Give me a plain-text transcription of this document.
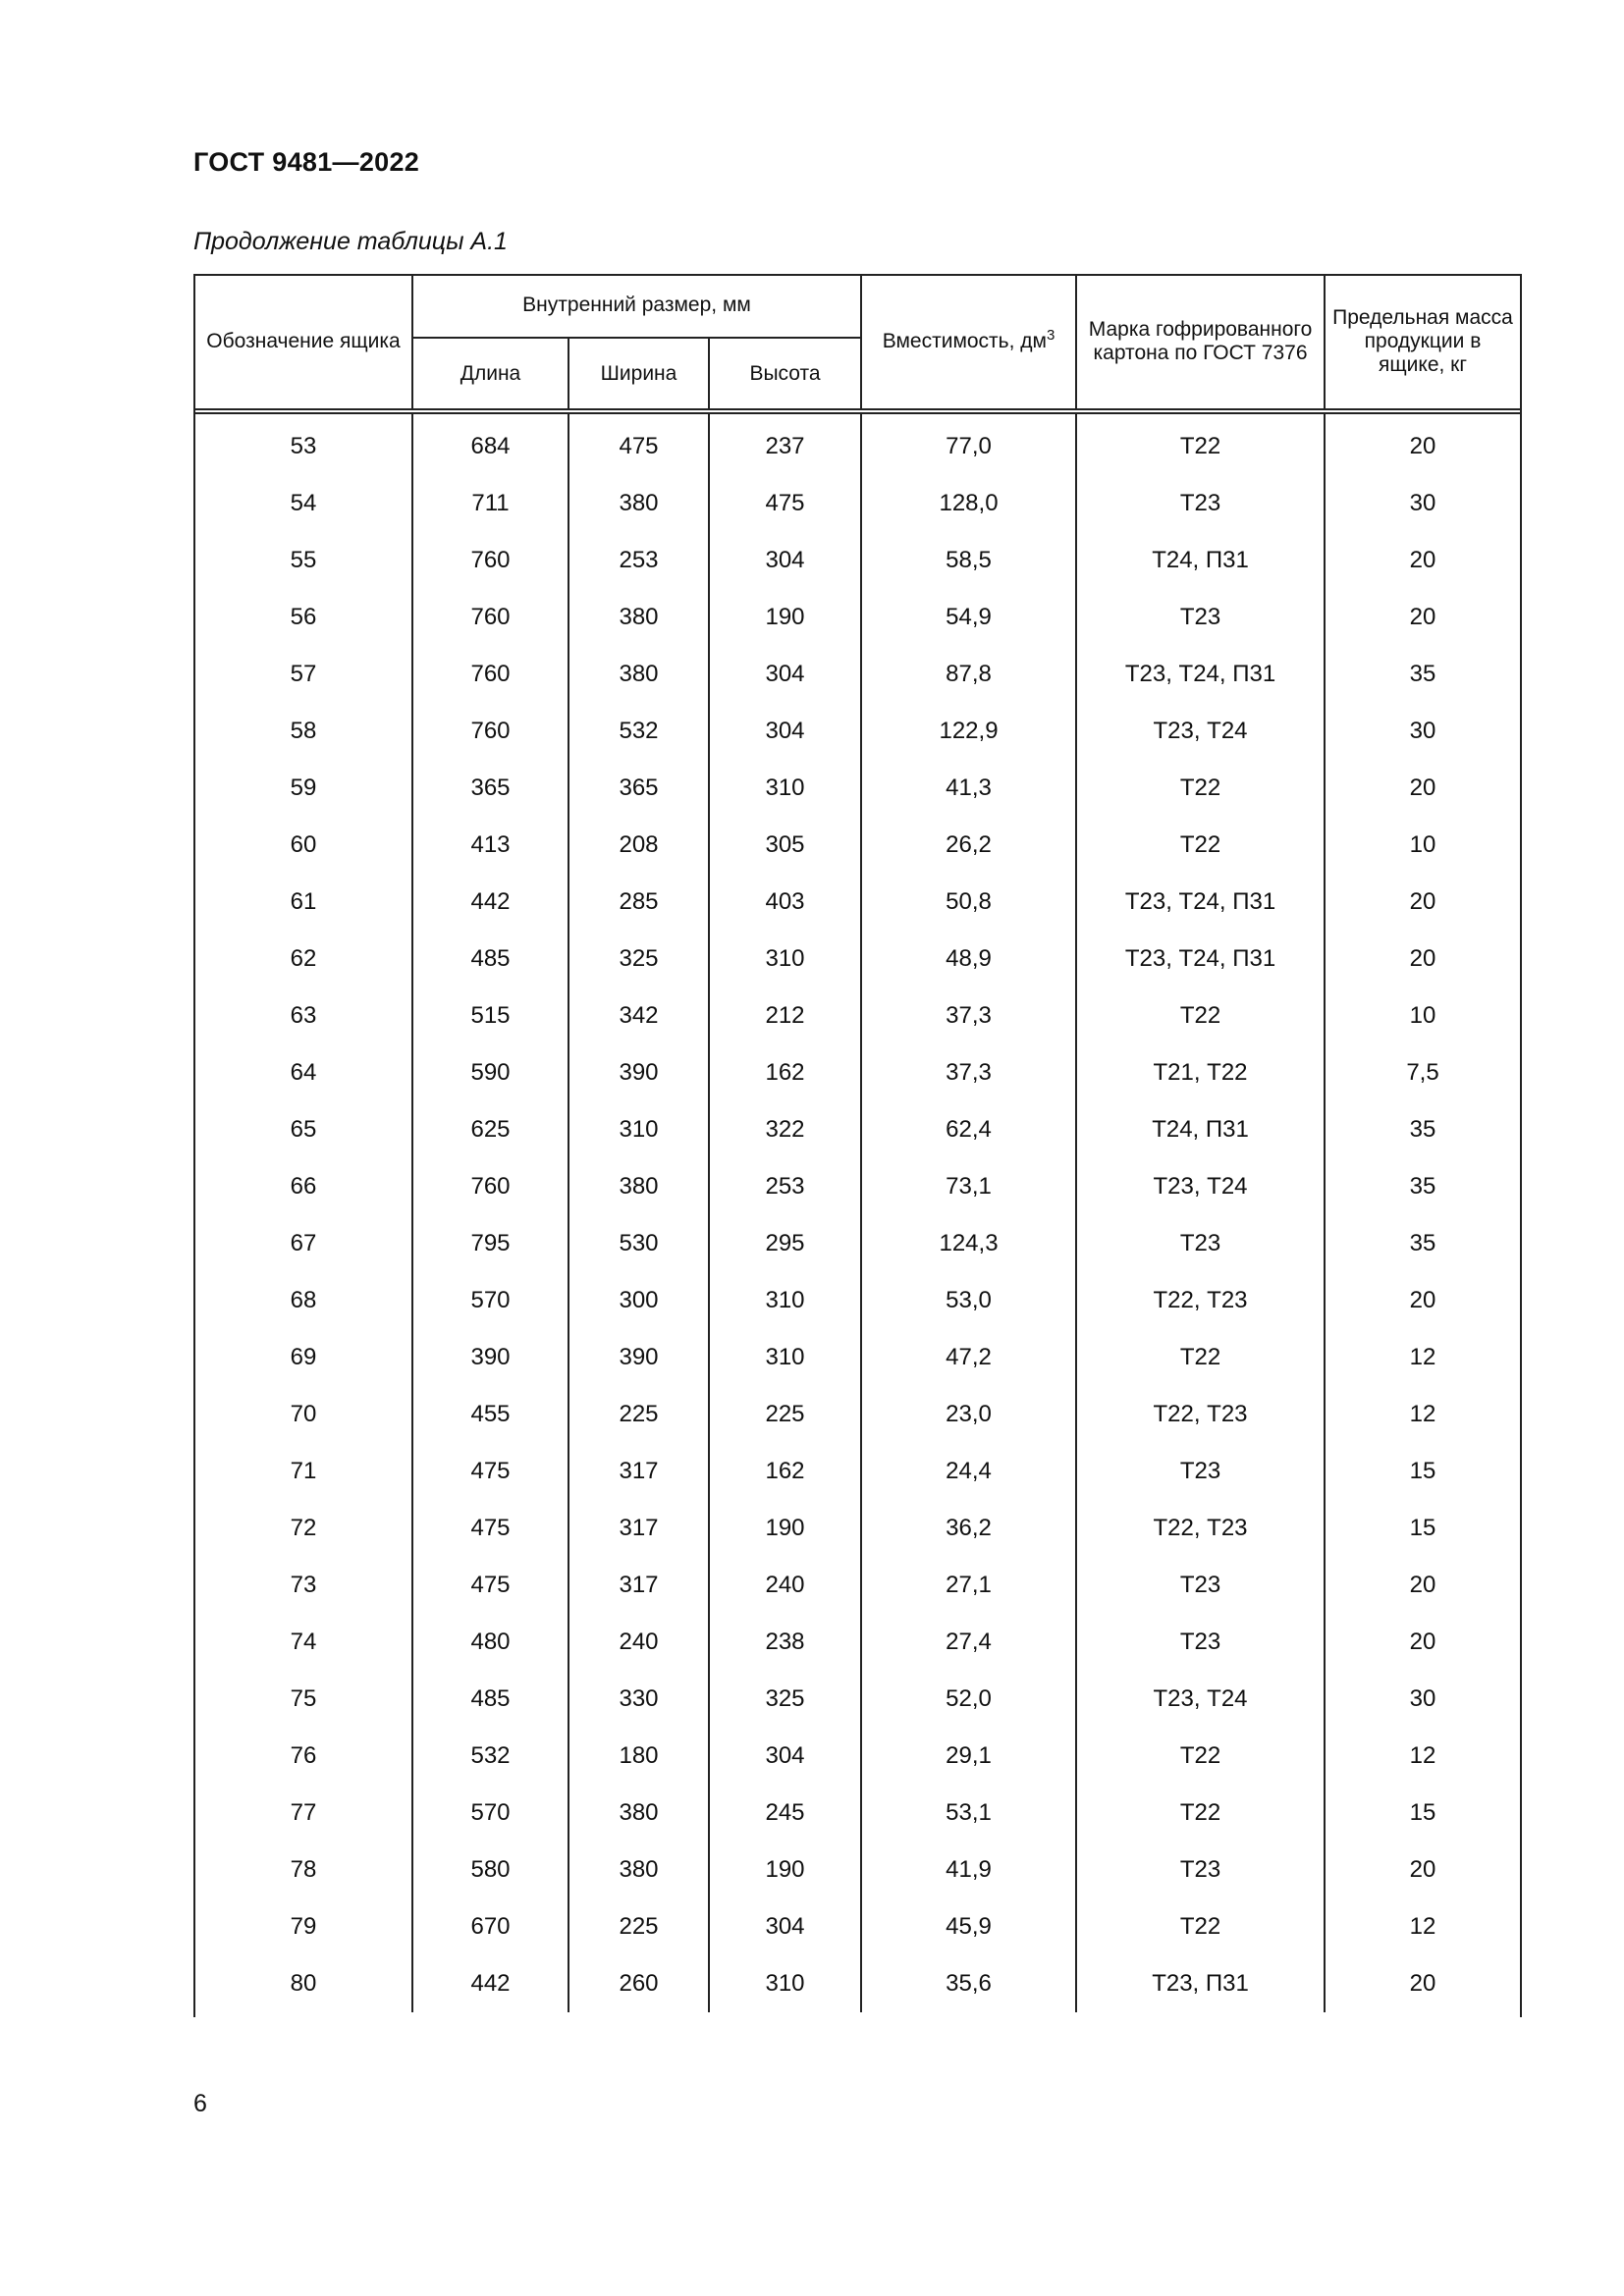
ГОСТ 9481—2022
Продолжение таблицы А.1
Обозначение ящика	Внутренний размер, мм			Вместимость, $дм^3$	Марка гофрированного картона по ГОСТ 7376	Предельная масса продукции в ящике, кг
	Длина	Ширина	Высота			
53	684	475	237	77,0	Т22	20
54	711	380	475	128,0	Т23	30
55	760	253	304	58,5	Т24, П31	20
56	760	380	190	54,9	Т23	20
57	760	380	304	87,8	Т23, Т24, П31	35
58	760	532	304	122,9	Т23, Т24	30
59	365	365	310	41,3	Т22	20
60	413	208	305	26,2	Т22	10
61	442	285	403	50,8	Т23, Т24, П31	20
62	485	325	310	48,9	Т23, Т24, П31	20
63	515	342	212	37,3	Т22	10
64	590	390	162	37,3	Т21, Т22	7,5
65	625	310	322	62,4	Т24, П31	35
66	760	380	253	73,1	Т23, Т24	35
67	795	530	295	124,3	Т23	35
68	570	300	310	53,0	Т22, Т23	20
69	390	390	310	47,2	Т22	12
70	455	225	225	23,0	Т22, Т23	12
71	475	317	162	24,4	Т23	15
72	475	317	190	36,2	Т22, Т23	15
73	475	317	240	27,1	Т23	20
74	480	240	238	27,4	Т23	20
75	485	330	325	52,0	Т23, Т24	30
76	532	180	304	29,1	Т22	12
77	570	380	245	53,1	Т22	15
78	580	380	190	41,9	Т23	20
79	670	225	304	45,9	Т22	12
80	442	260	310	35,6	Т23, П31	20
6
